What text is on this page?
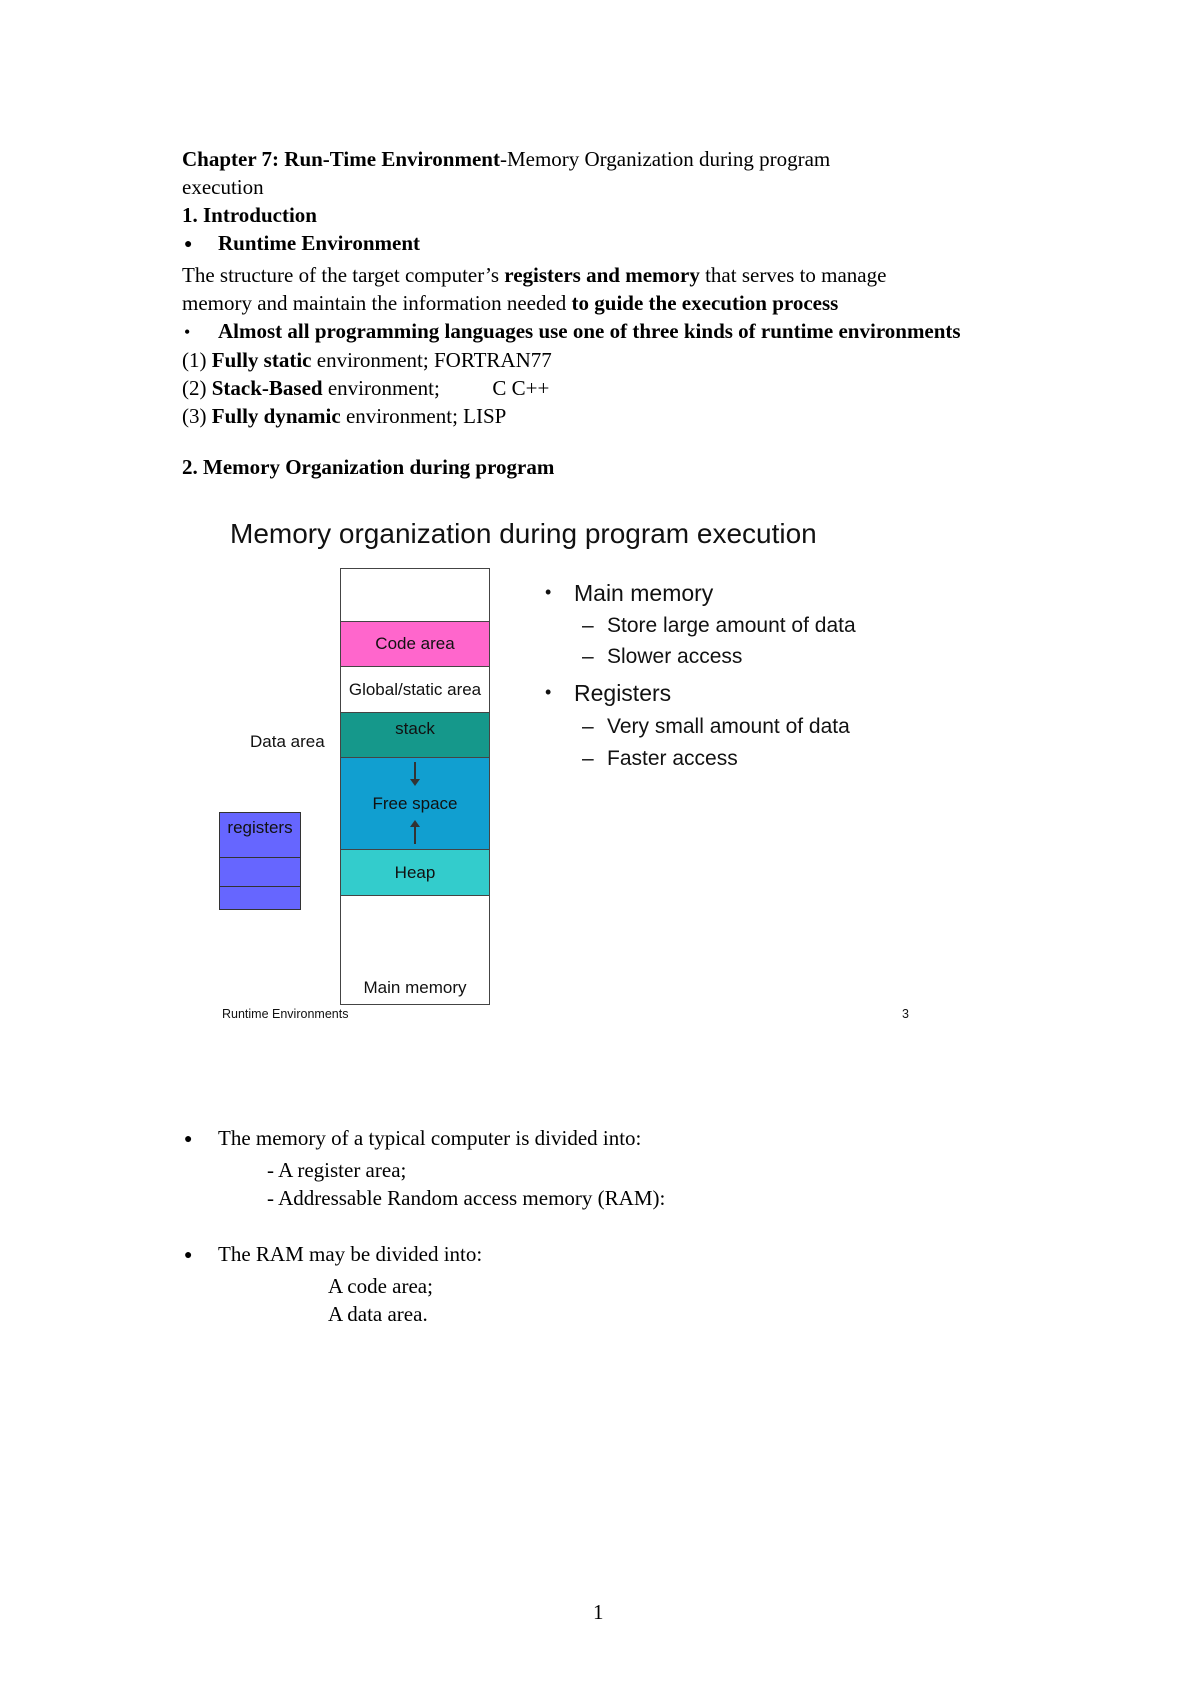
Chapter 7: Run-Time Environment-Memory Organization during program
execution
1. Introduction
●Runtime Environment
The structure of the target computer’s registers and memory that serves to manage
memory and maintain the information needed to guide the execution process
•Almost all programming languages use one of three kinds of runtime environments
(1) Fully static environment; FORTRAN77
(2) Stack-Based environment;          C C++
(3) Fully dynamic environment; LISP
2. Memory Organization during program
Memory organization during program execution
Code area
Global/static area
stack
Free space
Heap
Main memory
Data area
registers
• Main memory
– Store large amount of data
– Slower access
• Registers
– Very small amount of data
– Faster access
Runtime Environments	3
●The memory of a typical computer is divided into:
- A register area;
- Addressable Random access memory (RAM):
●The RAM may be divided into:
A code area;
A data area.
1
